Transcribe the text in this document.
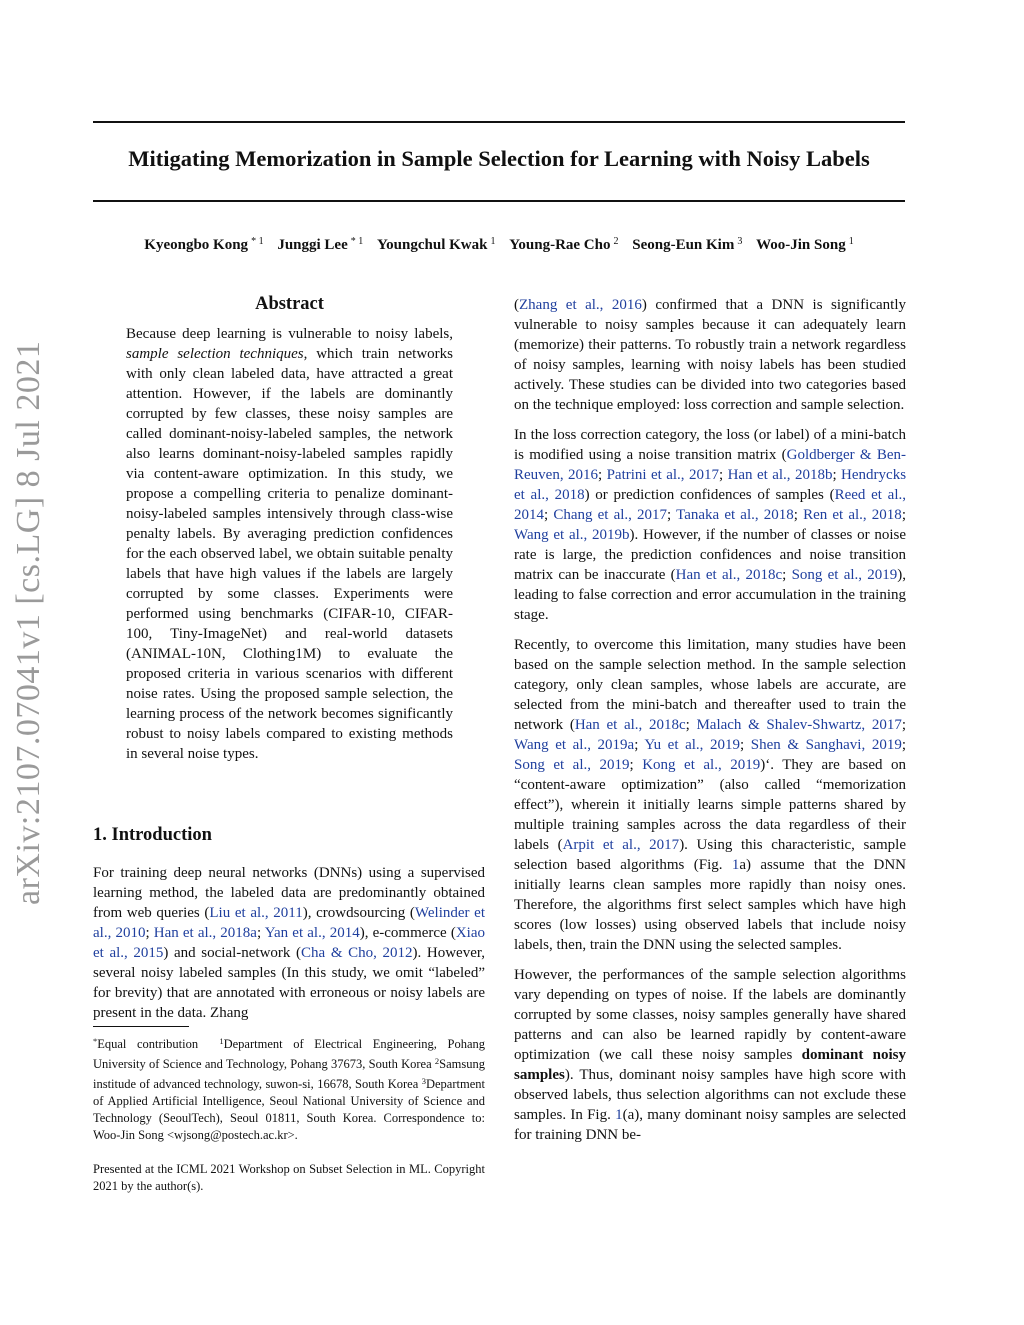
arXiv:2107.07041v1 [cs.LG] 8 Jul 2021
Mitigating Memorization in Sample Selection for Learning with Noisy Labels
Kyeongbo Kong $^{* 1}$ Junggi Lee $^{* 1}$ Youngchul Kwak $^1$ Young-Rae Cho $^2$ Seong-Eun Kim $^3$ Woo-Jin Song $^1$
Abstract

Because deep learning is vulnerable to noisy labels, sample selection techniques, which train networks with only clean labeled data, have attracted a great attention. However, if the labels are dominantly corrupted by few classes, these noisy samples are called dominant-noisy-labeled samples, the network also learns dominant-noisy-labeled samples rapidly via content-aware optimization. In this study, we propose a compelling criteria to penalize dominant-noisy-labeled samples intensively through class-wise penalty labels. By averaging prediction confidences for the each observed label, we obtain suitable penalty labels that have high values if the labels are largely corrupted by some classes. Experiments were performed using benchmarks (CIFAR-10, CIFAR-100, Tiny-ImageNet) and real-world datasets (ANIMAL-10N, Clothing1M) to evaluate the proposed criteria in various scenarios with different noise rates. Using the proposed sample selection, the learning process of the network becomes significantly robust to noisy labels compared to existing methods in several noise types.

1. Introduction

For training deep neural networks (DNNs) using a supervised learning method, the labeled data are predominantly obtained from web queries (Liu et al., 2011), crowdsourcing (Welinder et al., 2010; Han et al., 2018a; Yan et al., 2014), e-commerce (Xiao et al., 2015) and social-network (Cha & Cho, 2012). However, several noisy labeled samples (In this study, we omit “labeled” for brevity) that are annotated with erroneous or noisy labels are present in the data. Zhang

*Equal contribution $^1$Department of Electrical Engineering, Pohang University of Science and Technology, Pohang 37673, South Korea $^2$Samsung institude of advanced technology, suwon-si, 16678, South Korea $^3$Department of Applied Artificial Intelligence, Seoul National University of Science and Technology (SeoulTech), Seoul 01811, South Korea. Correspondence to: Woo-Jin Song <wjsong@postech.ac.kr>.

Presented at the ICML 2021 Workshop on Subset Selection in ML. Copyright 2021 by the author(s).

(Zhang et al., 2016) confirmed that a DNN is significantly vulnerable to noisy samples because it can adequately learn (memorize) their patterns. To robustly train a network regardless of noisy samples, learning with noisy labels has been studied actively. These studies can be divided into two categories based on the technique employed: loss correction and sample selection.

In the loss correction category, the loss (or label) of a mini-batch is modified using a noise transition matrix (Goldberger & Ben-Reuven, 2016; Patrini et al., 2017; Han et al., 2018b; Hendrycks et al., 2018) or prediction confidences of samples (Reed et al., 2014; Chang et al., 2017; Tanaka et al., 2018; Ren et al., 2018; Wang et al., 2019b). However, if the number of classes or noise rate is large, the prediction confidences and noise transition matrix can be inaccurate (Han et al., 2018c; Song et al., 2019), leading to false correction and error accumulation in the training stage.

Recently, to overcome this limitation, many studies have been based on the sample selection method. In the sample selection category, only clean samples, whose labels are accurate, are selected from the mini-batch and thereafter used to train the network (Han et al., 2018c; Malach & Shalev-Shwartz, 2017; Wang et al., 2019a; Yu et al., 2019; Shen & Sanghavi, 2019; Song et al., 2019; Kong et al., 2019)‘. They are based on “content-aware optimization” (also called “memorization effect”), wherein it initially learns simple patterns shared by multiple training samples across the data regardless of their labels (Arpit et al., 2017). Using this characteristic, sample selection based algorithms (Fig. 1a) assume that the DNN initially learns clean samples more rapidly than noisy ones. Therefore, the algorithms first select samples which have high scores (low losses) using observed labels that include noisy labels, then, train the DNN using the selected samples.

However, the performances of the sample selection algorithms vary depending on types of noise. If the labels are dominantly corrupted by some classes, noisy samples generally have shared patterns and can also be learned rapidly by content-aware optimization (we call these noisy samples dominant noisy samples). Thus, dominant noisy samples have high score with observed labels, thus selection algorithms can not exclude these samples. In Fig. 1(a), many dominant noisy samples are selected for training DNN be-
